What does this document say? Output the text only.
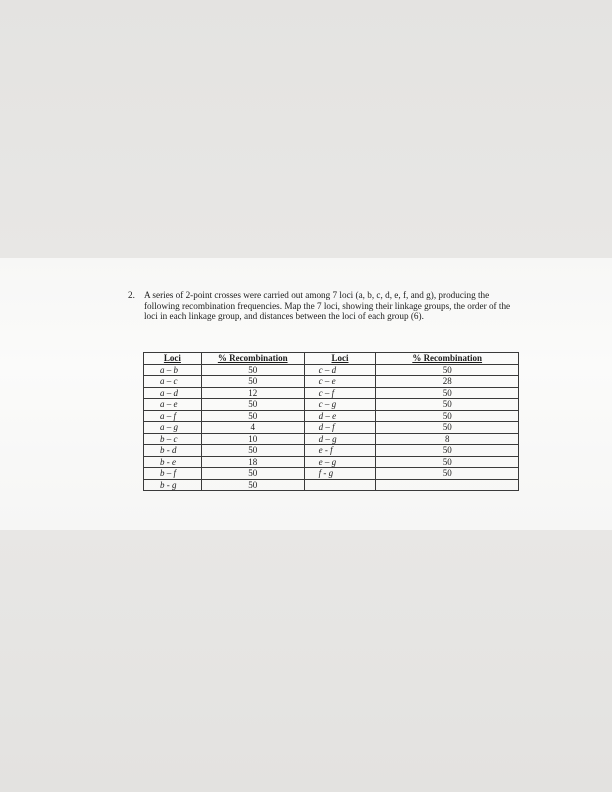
2. A series of 2-point crosses were carried out among 7 loci (a, b, c, d, e, f, and g), producing the following recombination frequencies. Map the 7 loci, showing their linkage groups, the order of the loci in each linkage group, and distances between the loci of each group (6).
Loci	% Recombination	Loci	% Recombination
a – b	50	c – d	50
a – c	50	c – e	28
a – d	12	c – f	50
a – e	50	c – g	50
a – f	50	d – e	50
a – g	4	d – f	50
b – c	10	d – g	8
b - d	50	e - f	50
b - e	18	e – g	50
b – f	50	f - g	50
b - g	50		
